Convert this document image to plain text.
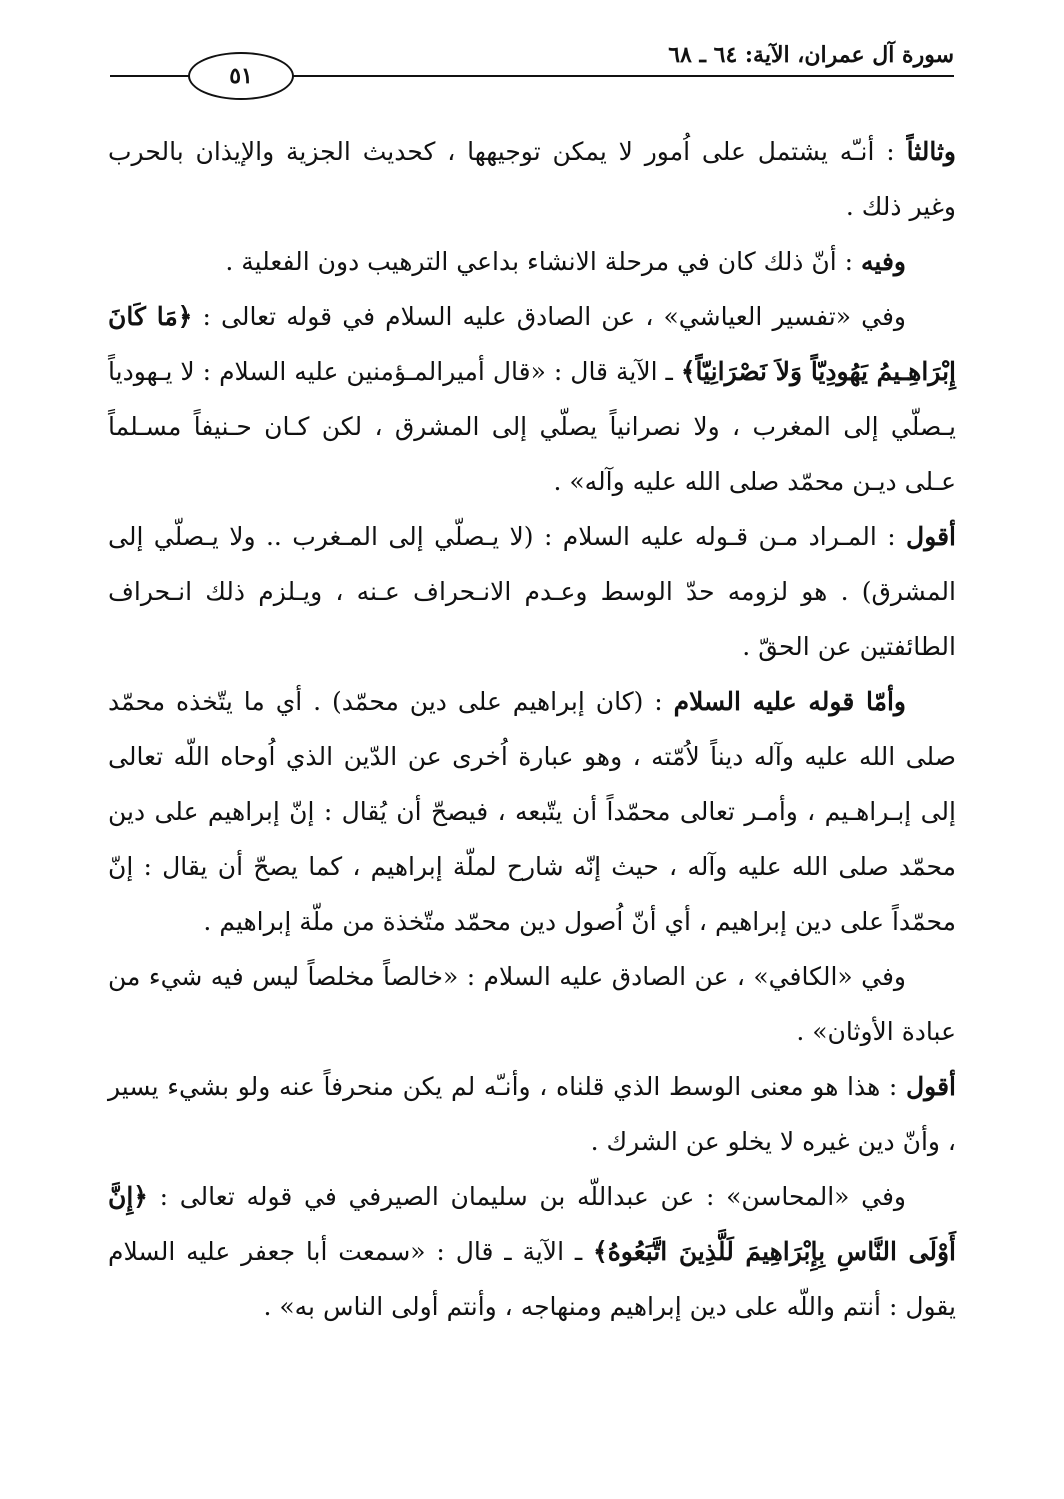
سورة آل عمران، الآية: ٦٤ ـ ٦٨
٥١

وثالثاً : أنـّه يشتمل على اُمور لا يمكن توجيهها ، كحديث الجزية والإيذان بالحرب وغير ذلك .

وفيه : أنّ ذلك كان في مرحلة الانشاء بداعي الترهيب دون الفعلية .

وفي «تفسير العياشي» ، عن الصادق عليه السلام في قوله تعالى : ﴿مَا كَانَ إِبْرَاهِـيمُ يَهُودِيّاً وَلاَ نَصْرَانِيّاً﴾ ـ الآية قال : «قال أميرالمـؤمنين عليه السلام : لا يـهودياً يـصلّي إلى المغرب ، ولا نصرانياً يصلّي إلى المشرق ، لكن كـان حـنيفاً مسـلماً عـلى ديـن محمّد صلى الله عليه وآله» .

أقول : المـراد مـن قـوله عليه السلام : (لا يـصلّي إلى المـغرب .. ولا يـصلّي إلى المشرق) . هو لزومه حدّ الوسط وعـدم الانـحراف عـنه ، ويـلزم ذلك انـحراف الطائفتين عن الحقّ .

وأمّا قوله عليه السلام : (كان إبراهيم على دين محمّد) . أي ما يتّخذه محمّد صلى الله عليه وآله ديناً لاُمّته ، وهو عبارة اُخرى عن الدّين الذي اُوحاه اللّه تعالى إلى إبـراهـيم ، وأمـر تعالى محمّداً أن يتّبعه ، فيصحّ أن يُقال : إنّ إبراهيم على دين محمّد صلى الله عليه وآله ، حيث إنّه شارح لملّة إبراهيم ، كما يصحّ أن يقال : إنّ محمّداً على دين إبراهيم ، أي أنّ اُصول دين محمّد متّخذة من ملّة إبراهيم .

وفي «الكافي» ، عن الصادق عليه السلام : «خالصاً مخلصاً ليس فيه شيء من عبادة الأوثان» .

أقول : هذا هو معنى الوسط الذي قلناه ، وأنـّه لم يكن منحرفاً عنه ولو بشيء يسير ، وأنّ دين غيره لا يخلو عن الشرك .

وفي «المحاسن» : عن عبداللّه بن سليمان الصيرفي في قوله تعالى : ﴿إِنَّ أَوْلَى النَّاسِ بِإِبْرَاهِيمَ لَلَّذِينَ اتَّبَعُوهُ﴾ ـ الآية ـ قال : «سمعت أبا جعفر عليه السلام يقول : أنتم واللّه على دين إبراهيم ومنهاجه ، وأنتم أولى الناس به» .
